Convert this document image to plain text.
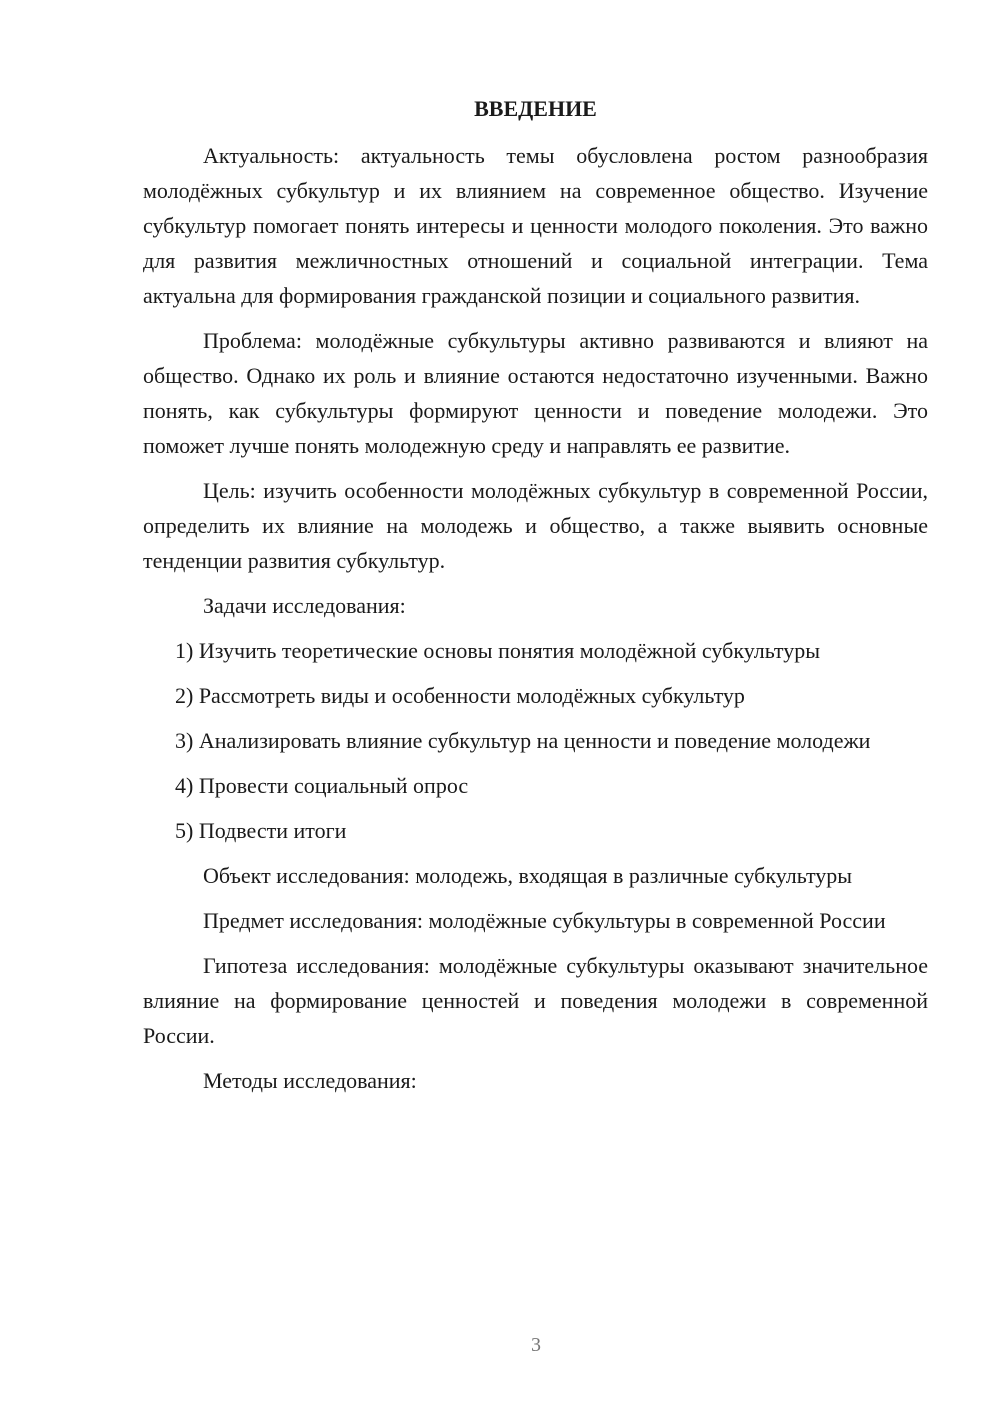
ВВЕДЕНИЕ

Актуальность: актуальность темы обусловлена ростом разнообразия молодёжных субкультур и их влиянием на современное общество. Изучение субкультур помогает понять интересы и ценности молодого поколения. Это важно для развития межличностных отношений и социальной интеграции. Тема актуальна для формирования гражданской позиции и социального развития.

Проблема: молодёжные субкультуры активно развиваются и влияют на общество. Однако их роль и влияние остаются недостаточно изученными. Важно понять, как субкультуры формируют ценности и поведение молодежи. Это поможет лучше понять молодежную среду и направлять ее развитие.

Цель: изучить особенности молодёжных субкультур в современной России, определить их влияние на молодежь и общество, а также выявить основные тенденции развития субкультур.

Задачи исследования:

1) Изучить теоретические основы понятия молодёжной субкультуры

2) Рассмотреть виды и особенности молодёжных субкультур

3) Анализировать влияние субкультур на ценности и поведение молодежи

4) Провести социальный опрос

5) Подвести итоги

Объект исследования: молодежь, входящая в различные субкультуры

Предмет исследования: молодёжные субкультуры в современной России

Гипотеза исследования: молодёжные субкультуры оказывают значительное влияние на формирование ценностей и поведения молодежи в современной России.

Методы исследования:

3
